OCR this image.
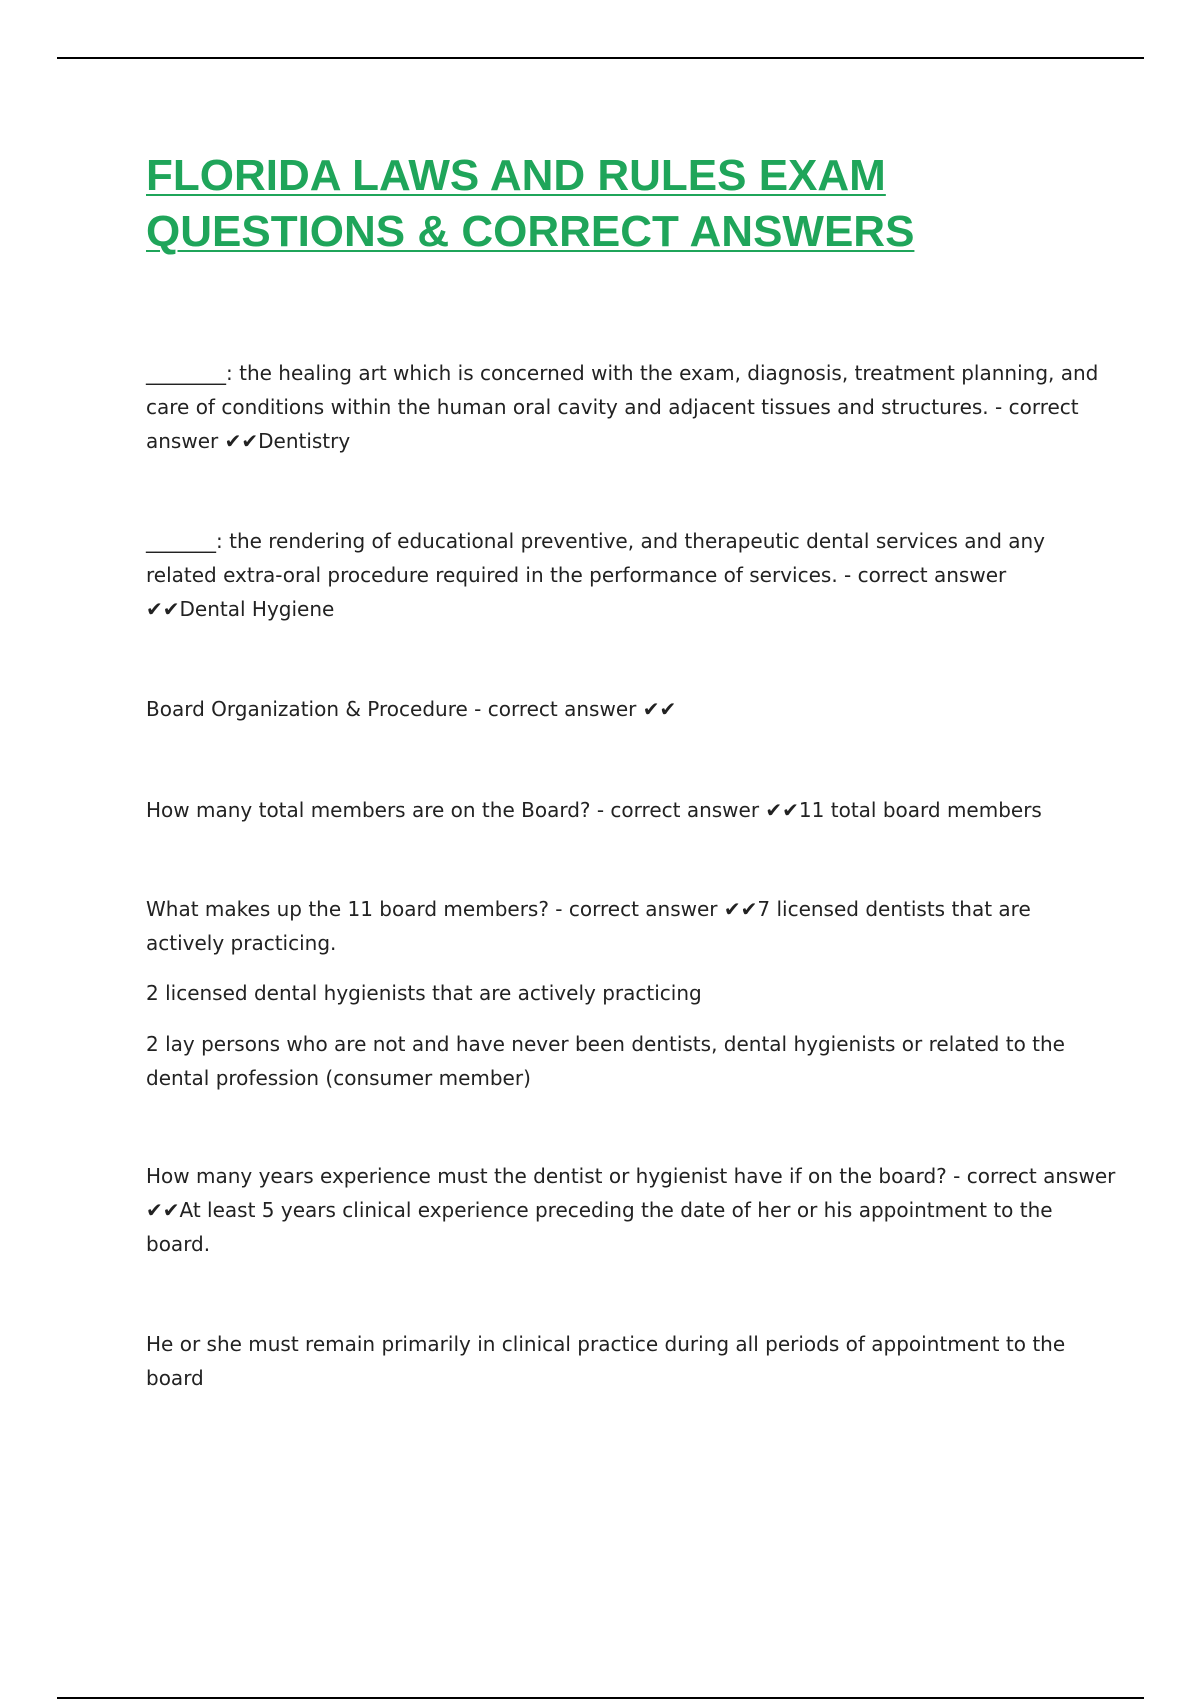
FLORIDA LAWS AND RULES EXAM
QUESTIONS & CORRECT ANSWERS

________: the healing art which is concerned with the exam, diagnosis, treatment planning, and
care of conditions within the human oral cavity and adjacent tissues and structures. - correct
answer ✔✔Dentistry

_______: the rendering of educational preventive, and therapeutic dental services and any
related extra-oral procedure required in the performance of services. - correct answer
✔✔Dental Hygiene

Board Organization & Procedure - correct answer ✔✔

How many total members are on the Board? - correct answer ✔✔11 total board members

What makes up the 11 board members? - correct answer ✔✔7 licensed dentists that are
actively practicing.

2 licensed dental hygienists that are actively practicing

2 lay persons who are not and have never been dentists, dental hygienists or related to the
dental profession (consumer member)

How many years experience must the dentist or hygienist have if on the board? - correct answer
✔✔At least 5 years clinical experience preceding the date of her or his appointment to the
board.

He or she must remain primarily in clinical practice during all periods of appointment to the
board
